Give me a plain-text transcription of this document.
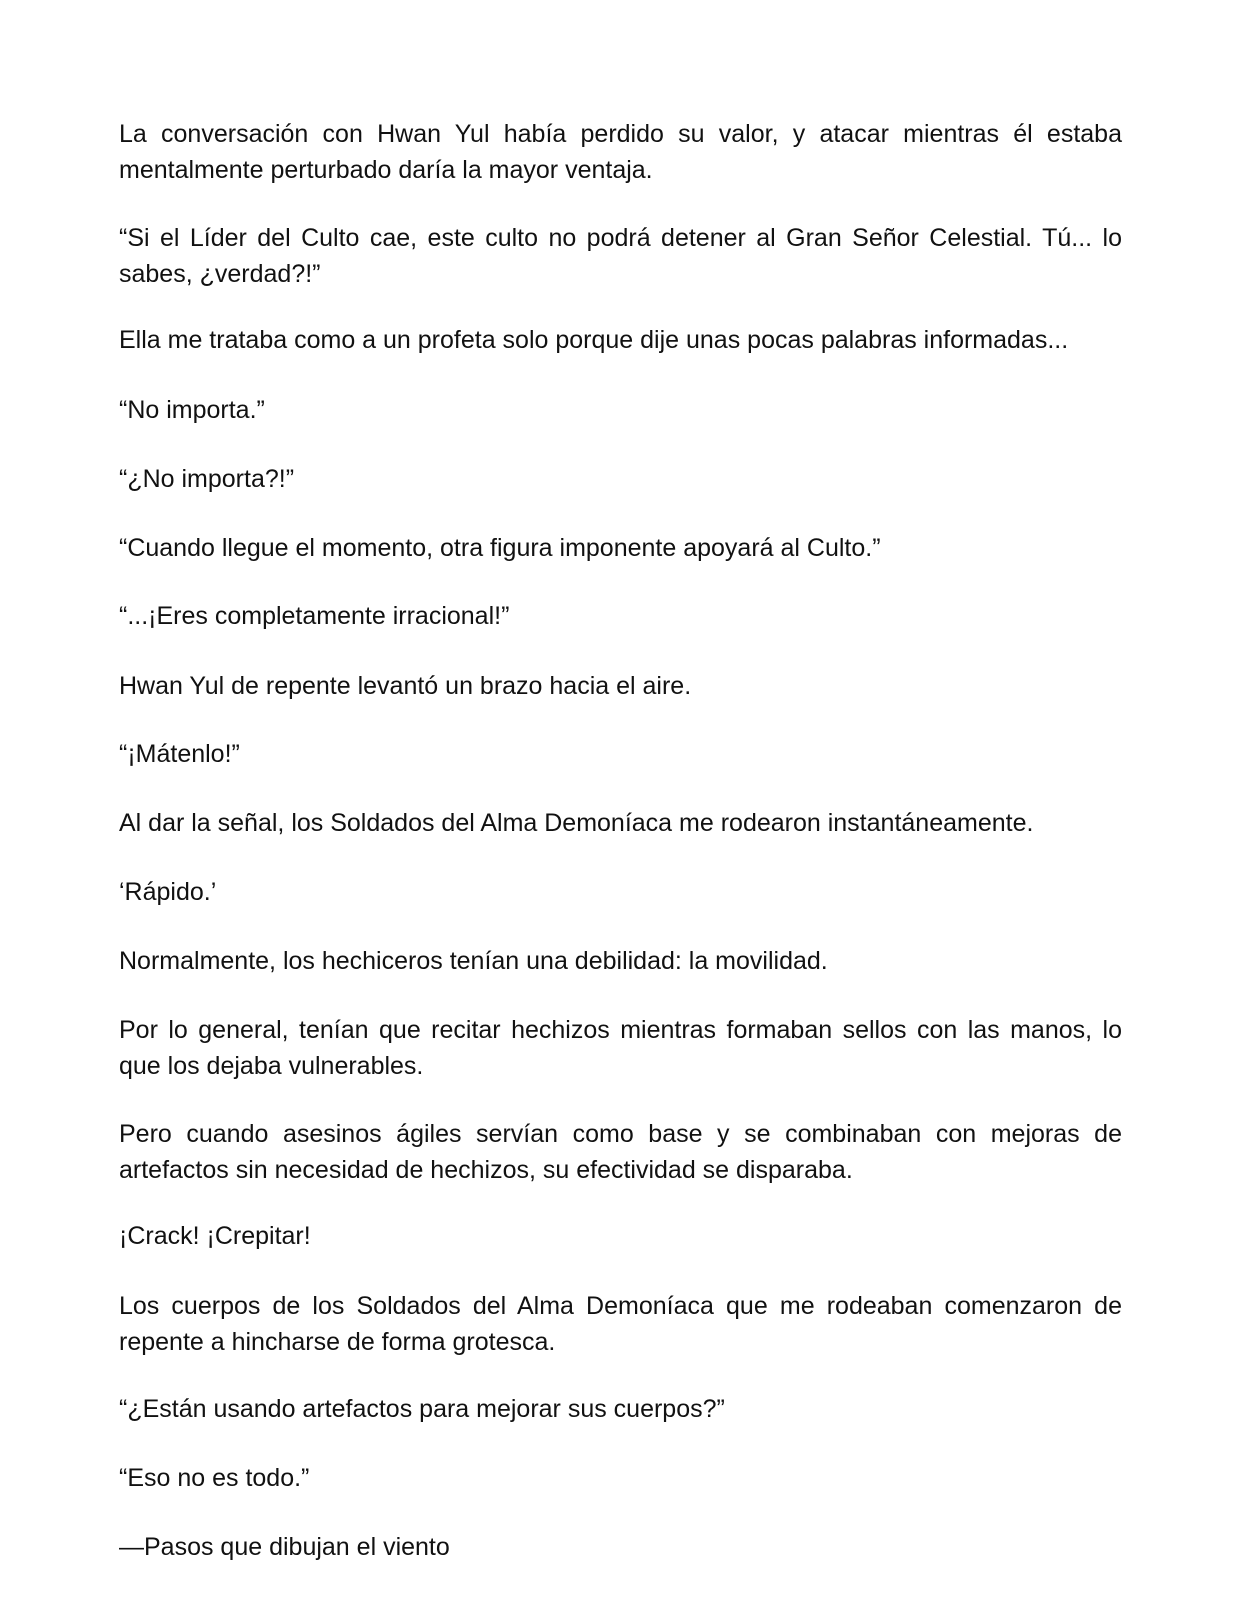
La conversación con Hwan Yul había perdido su valor, y atacar mientras él estaba mentalmente perturbado daría la mayor ventaja.

“Si el Líder del Culto cae, este culto no podrá detener al Gran Señor Celestial. Tú... lo sabes, ¿verdad?!”

Ella me trataba como a un profeta solo porque dije unas pocas palabras informadas...

“No importa.”

“¿No importa?!”

“Cuando llegue el momento, otra figura imponente apoyará al Culto.”

“...¡Eres completamente irracional!”

Hwan Yul de repente levantó un brazo hacia el aire.

“¡Mátenlo!”

Al dar la señal, los Soldados del Alma Demoníaca me rodearon instantáneamente.

‘Rápido.’

Normalmente, los hechiceros tenían una debilidad: la movilidad.

Por lo general, tenían que recitar hechizos mientras formaban sellos con las manos, lo que los dejaba vulnerables.

Pero cuando asesinos ágiles servían como base y se combinaban con mejoras de artefactos sin necesidad de hechizos, su efectividad se disparaba.

¡Crack! ¡Crepitar!

Los cuerpos de los Soldados del Alma Demoníaca que me rodeaban comenzaron de repente a hincharse de forma grotesca.

“¿Están usando artefactos para mejorar sus cuerpos?”

“Eso no es todo.”

—Pasos que dibujan el viento
